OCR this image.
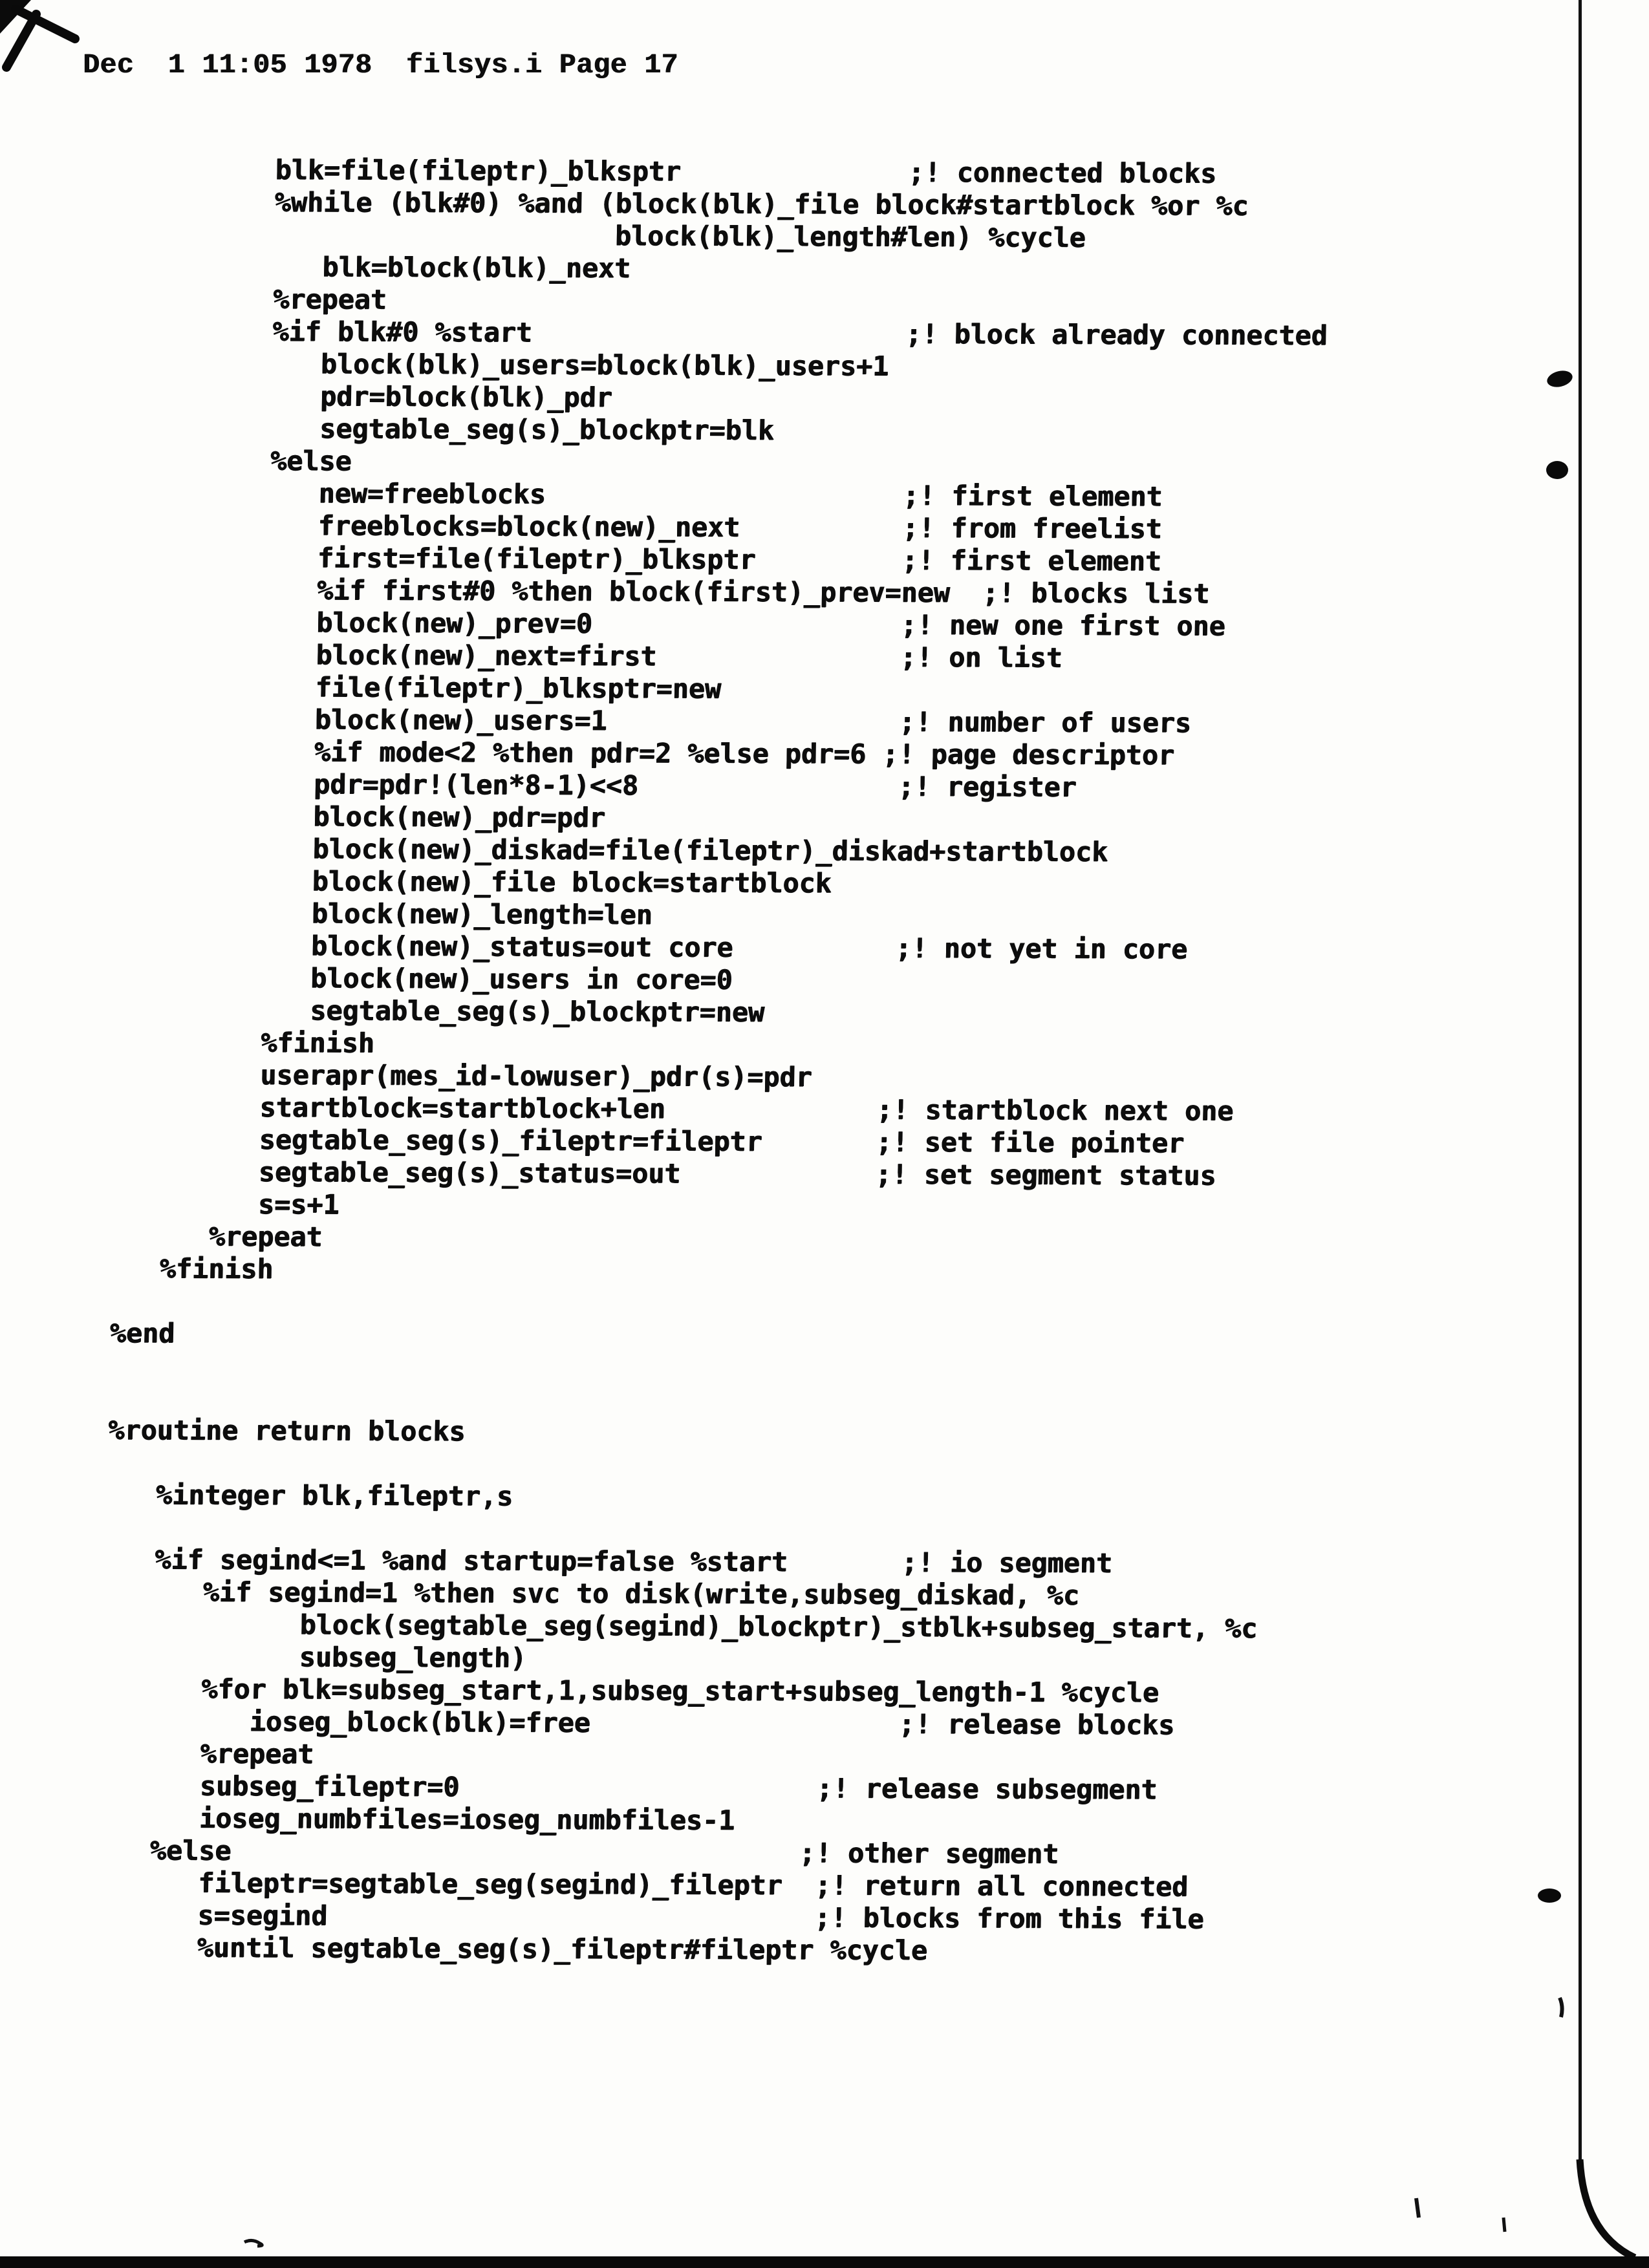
Dec  1 11:05 1978  filsys.i Page 17
blk=file(fileptr)_blksptr              ;! connected blocks
%while (blk#0) %and (block(blk)_file block#startblock %or %c
block(blk)_length#len) %cycle
blk=block(blk)_next
%repeat
%if blk#0 %start                       ;! block already connected
block(blk)_users=block(blk)_users+1
pdr=block(blk)_pdr
segtable_seg(s)_blockptr=blk
%else
new=freeblocks                      ;! first element
freeblocks=block(new)_next          ;! from freelist
first=file(fileptr)_blksptr         ;! first element
%if first#0 %then block(first)_prev=new  ;! blocks list
block(new)_prev=0                   ;! new one first one
block(new)_next=first               ;! on list
file(fileptr)_blksptr=new
block(new)_users=1                  ;! number of users
%if mode<2 %then pdr=2 %else pdr=6 ;! page descriptor
pdr=pdr!(len*8-1)<<8                ;! register
block(new)_pdr=pdr
block(new)_diskad=file(fileptr)_diskad+startblock
block(new)_file block=startblock
block(new)_length=len
block(new)_status=out core          ;! not yet in core
block(new)_users in core=0
segtable_seg(s)_blockptr=new
%finish
userapr(mes_id-lowuser)_pdr(s)=pdr
startblock=startblock+len             ;! startblock next one
segtable_seg(s)_fileptr=fileptr       ;! set file pointer
segtable_seg(s)_status=out            ;! set segment status
s=s+1
%repeat
%finish

%end

%routine return blocks

%integer blk,fileptr,s

%if segind<=1 %and startup=false %start       ;! io segment
%if segind=1 %then svc to disk(write,subseg_diskad, %c
block(segtable_seg(segind)_blockptr)_stblk+subseg_start, %c
subseg_length)
%for blk=subseg_start,1,subseg_start+subseg_length-1 %cycle
ioseg_block(blk)=free                   ;! release blocks
%repeat
subseg_fileptr=0                      ;! release subsegment
ioseg_numbfiles=ioseg_numbfiles-1
%else                                   ;! other segment
fileptr=segtable_seg(segind)_fileptr  ;! return all connected
s=segind                              ;! blocks from this file
%until segtable_seg(s)_fileptr#fileptr %cycle
